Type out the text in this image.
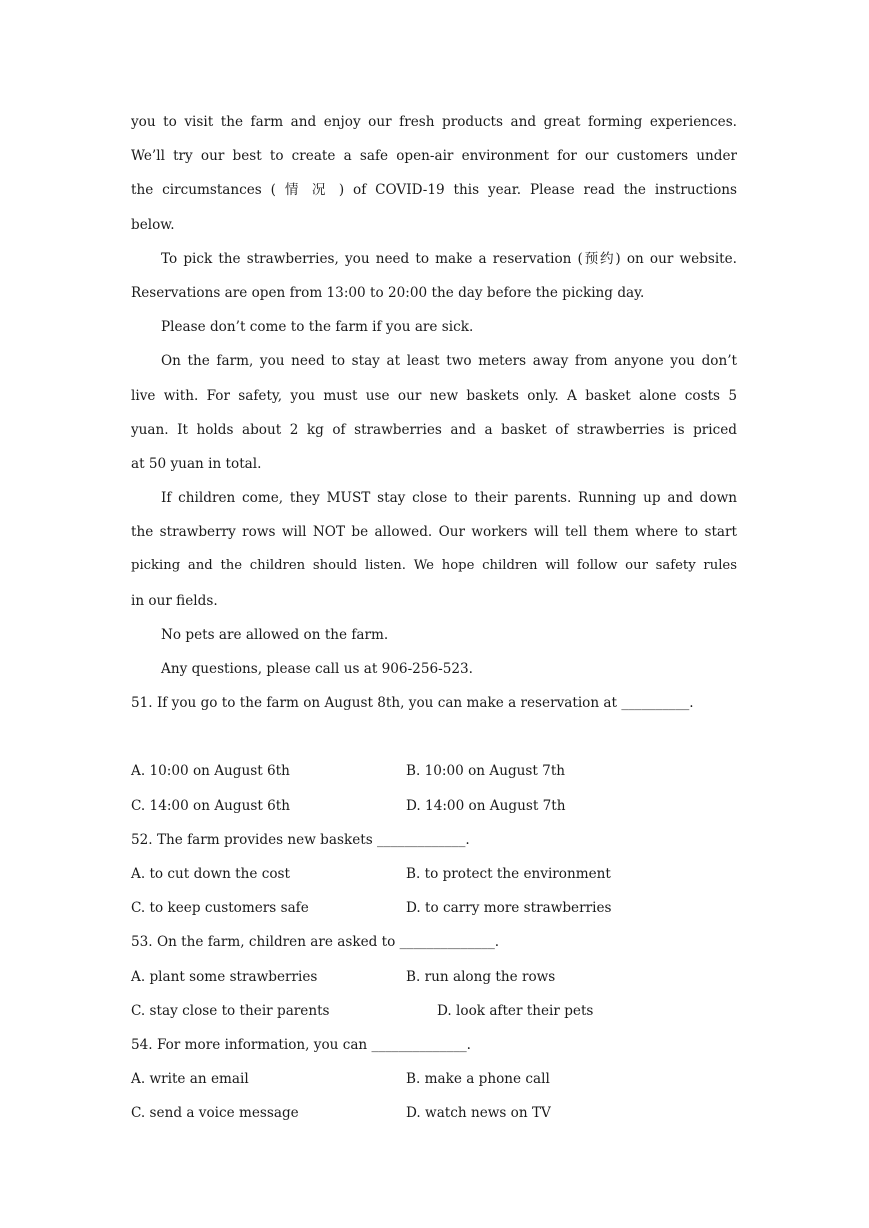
you to visit the farm and enjoy our fresh products and great forming experiences.
We’ll try our best to create a safe open-air environment for our customers under
the circumstances ( 情 况 ) of COVID-19 this year. Please read the instructions
below.
To pick the strawberries, you need to make a reservation (预约) on our website.
Reservations are open from 13:00 to 20:00 the day before the picking day.
Please don’t come to the farm if you are sick.
On the farm, you need to stay at least two meters away from anyone you don’t
live with. For safety, you must use our new baskets only. A basket alone costs 5
yuan. It holds about 2 kg of strawberries and a basket of strawberries is priced
at 50 yuan in total.
If children come, they MUST stay close to their parents. Running up and down
the strawberry rows will NOT be allowed. Our workers will tell them where to start
picking and the children should listen. We hope children will follow our safety rules
in our fields.
No pets are allowed on the farm.
Any questions, please call us at 906-256-523.
51. If you go to the farm on August 8th, you can make a reservation at __________.
A. 10:00 on August 6th	B. 10:00 on August 7th
C. 14:00 on August 6th	D. 14:00 on August 7th
52. The farm provides new baskets _____________.
A. to cut down the cost	B. to protect the environment
C. to keep customers safe	D. to carry more strawberries
53. On the farm, children are asked to ______________.
A. plant some strawberries	B. run along the rows
C. stay close to their parents	D. look after their pets
54. For more information, you can ______________.
A. write an email	B. make a phone call
C. send a voice message	D. watch news on TV
